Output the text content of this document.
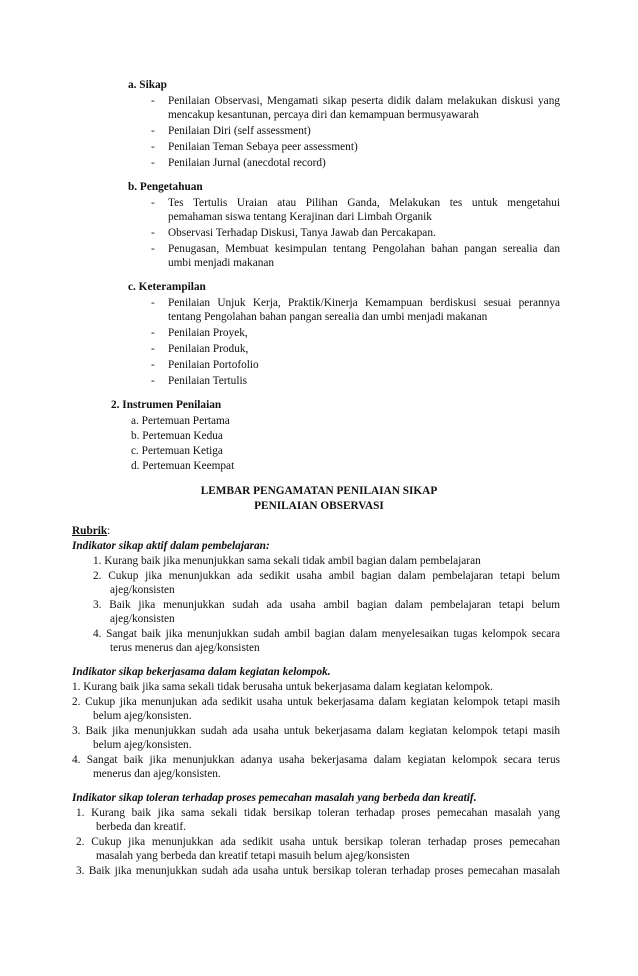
a. Sikap
- Penilaian Observasi, Mengamati sikap peserta didik dalam melakukan diskusi yang
mencakup kesantunan, percaya diri dan kemampuan bermusyawarah
- Penilaian Diri (self assessment)
- Penilaian Teman Sebaya peer assessment)
- Penilaian Jurnal (anecdotal record)
b. Pengetahuan
- Tes Tertulis Uraian atau Pilihan Ganda, Melakukan tes untuk mengetahui
pemahaman siswa tentang Kerajinan dari Limbah Organik
- Observasi Terhadap Diskusi, Tanya Jawab dan Percakapan.
- Penugasan, Membuat kesimpulan tentang Pengolahan bahan pangan serealia dan
umbi menjadi makanan
c. Keterampilan
- Penilaian Unjuk Kerja, Praktik/Kinerja Kemampuan berdiskusi sesuai perannya
tentang Pengolahan bahan pangan serealia dan umbi menjadi makanan
- Penilaian Proyek,
- Penilaian Produk,
- Penilaian Portofolio
- Penilaian Tertulis
2. Instrumen Penilaian
a. Pertemuan Pertama
b. Pertemuan Kedua
c. Pertemuan Ketiga
d. Pertemuan Keempat
LEMBAR PENGAMATAN PENILAIAN SIKAP
PENILAIAN OBSERVASI
Rubrik:
Indikator sikap aktif dalam pembelajaran:
1. Kurang baik jika menunjukkan sama sekali tidak ambil bagian dalam pembelajaran
2. Cukup jika menunjukkan ada sedikit usaha ambil bagian dalam pembelajaran tetapi belum
ajeg/konsisten
3. Baik jika menunjukkan sudah ada usaha ambil bagian dalam pembelajaran tetapi belum
ajeg/konsisten
4. Sangat baik jika menunjukkan sudah ambil bagian dalam menyelesaikan tugas kelompok secara
terus menerus dan ajeg/konsisten
Indikator sikap bekerjasama dalam kegiatan kelompok.
1. Kurang baik jika sama sekali tidak berusaha untuk bekerjasama dalam kegiatan kelompok.
2. Cukup jika menunjukan ada sedikit usaha untuk bekerjasama dalam kegiatan kelompok tetapi masih
belum ajeg/konsisten.
3. Baik jika menunjukkan sudah ada usaha untuk bekerjasama dalam kegiatan kelompok tetapi masih
belum ajeg/konsisten.
4. Sangat baik jika menunjukkan adanya usaha bekerjasama dalam kegiatan kelompok secara terus
menerus dan ajeg/konsisten.
Indikator sikap toleran terhadap proses pemecahan masalah yang berbeda dan kreatif.
1. Kurang baik jika sama sekali tidak bersikap toleran terhadap proses pemecahan masalah yang
berbeda dan kreatif.
2. Cukup jika menunjukkan ada sedikit usaha untuk bersikap toleran terhadap proses pemecahan
masalah yang berbeda dan kreatif tetapi masuih belum ajeg/konsisten
3. Baik jika menunjukkan sudah ada usaha untuk bersikap toleran terhadap proses pemecahan masalah
